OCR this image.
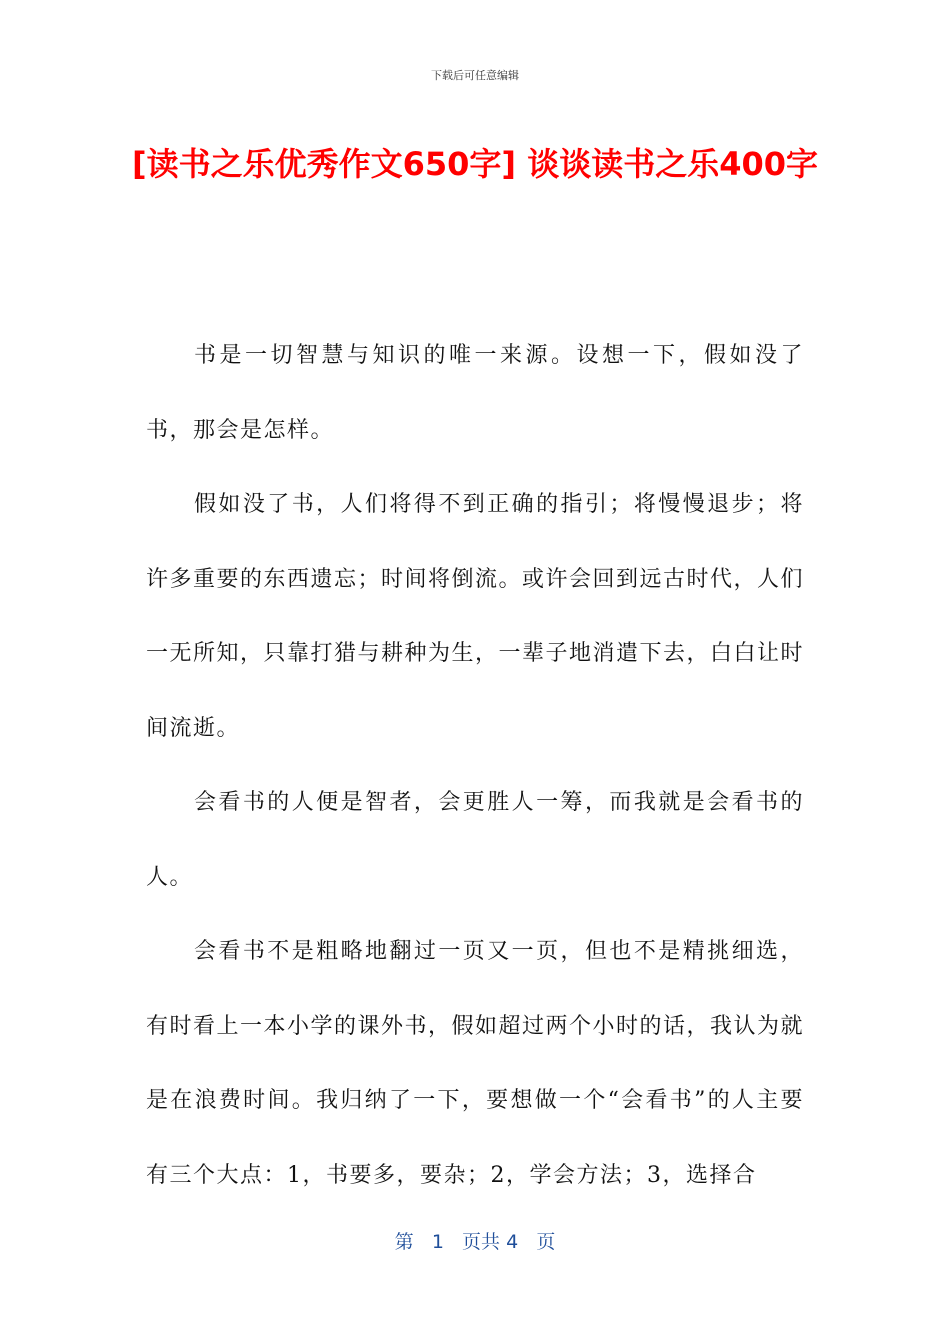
下载后可任意编辑
[读书之乐优秀作文650字] 谈谈读书之乐400字

书是一切智慧与知识的唯一来源。设想一下，假如没了书，那会是怎样。

假如没了书，人们将得不到正确的指引；将慢慢退步；将许多重要的东西遗忘；时间将倒流。或许会回到远古时代，人们一无所知，只靠打猎与耕种为生，一辈子地消遣下去，白白让时间流逝。

会看书的人便是智者，会更胜人一筹，而我就是会看书的人。

会看书不是粗略地翻过一页又一页，但也不是精挑细选，有时看上一本小学的课外书，假如超过两个小时的话，我认为就是在浪费时间。我归纳了一下，要想做一个“会看书”的人主要有三个大点：1，书要多，要杂；2，学会方法；3，选择合

第 1 页共 4 页
